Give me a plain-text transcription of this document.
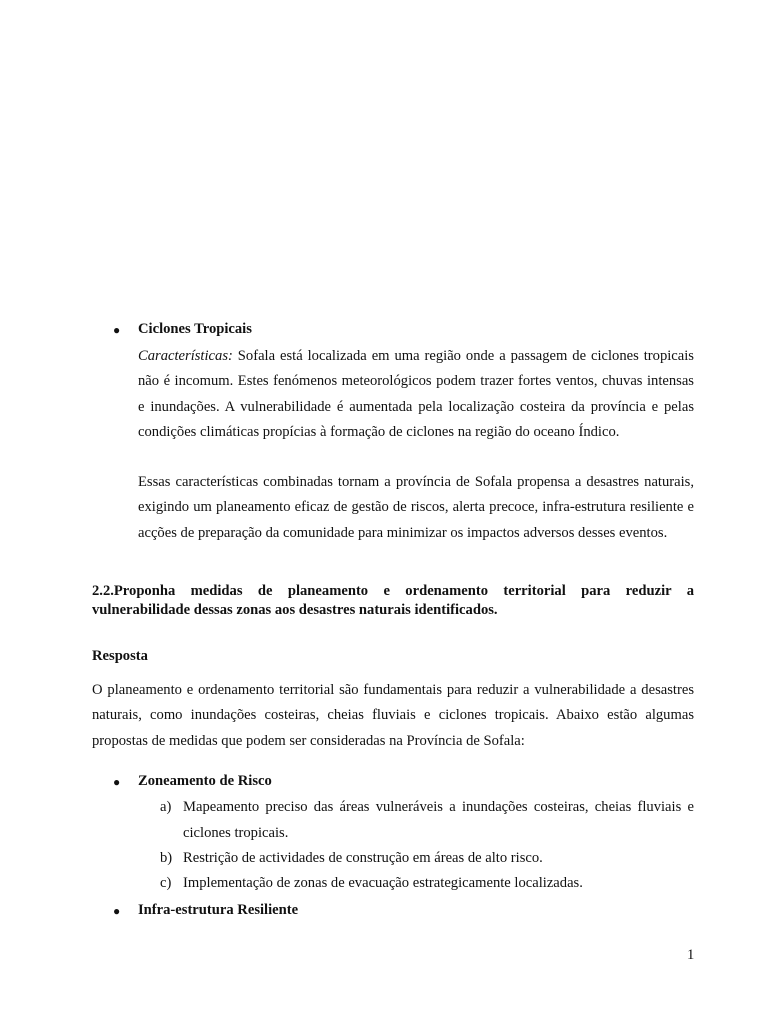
● Ciclones Tropicais

Características: Sofala está localizada em uma região onde a passagem de ciclones tropicais não é incomum. Estes fenómenos meteorológicos podem trazer fortes ventos, chuvas intensas e inundações. A vulnerabilidade é aumentada pela localização costeira da província e pelas condições climáticas propícias à formação de ciclones na região do oceano Índico.

Essas características combinadas tornam a província de Sofala propensa a desastres naturais, exigindo um planeamento eficaz de gestão de riscos, alerta precoce, infra-estrutura resiliente e acções de preparação da comunidade para minimizar os impactos adversos desses eventos.

2.2.Proponha medidas de planeamento e ordenamento territorial para reduzir a
vulnerabilidade dessas zonas aos desastres naturais identificados.
Resposta

O planeamento e ordenamento territorial são fundamentais para reduzir a vulnerabilidade a desastres naturais, como inundações costeiras, cheias fluviais e ciclones tropicais. Abaixo estão algumas propostas de medidas que podem ser consideradas na Província de Sofala:

● Zoneamento de Risco
a) Mapeamento preciso das áreas vulneráveis a inundações costeiras, cheias fluviais e ciclones tropicais.
b) Restrição de actividades de construção em áreas de alto risco.
c) Implementação de zonas de evacuação estrategicamente localizadas.
● Infra-estrutura Resiliente
1
